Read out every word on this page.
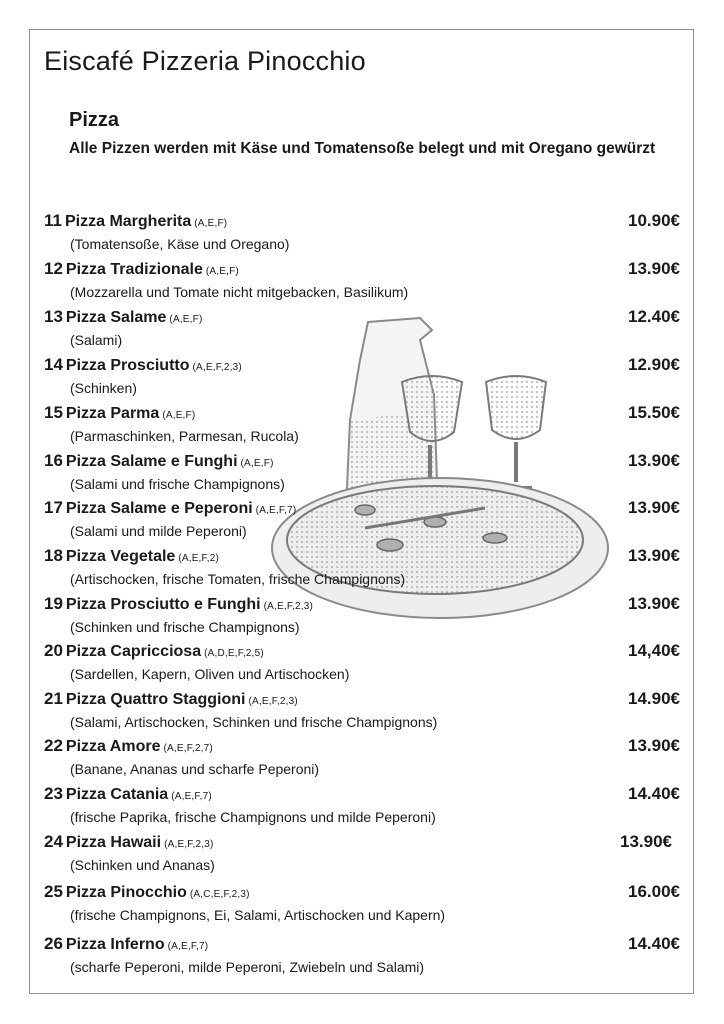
Eiscafé Pizzeria Pinocchio
Pizza

Alle Pizzen werden mit Käse und Tomatensoße belegt und mit Oregano gewürzt

11 Pizza Margherita (A,E,F)	10.90€
(Tomatensoße, Käse und Oregano)
12 Pizza Tradizionale (A,E,F)	13.90€
(Mozzarella und Tomate nicht mitgebacken, Basilikum)
13 Pizza Salame (A,E,F)	12.40€
(Salami)
14 Pizza Prosciutto (A,E,F,2,3)	12.90€
(Schinken)
15 Pizza Parma (A,E,F)	15.50€
(Parmaschinken, Parmesan, Rucola)
16 Pizza Salame e Funghi (A,E,F)	13.90€
(Salami und frische Champignons)
17 Pizza Salame e Peperoni (A,E,F,7)	13.90€
(Salami und milde Peperoni)
18 Pizza Vegetale (A,E,F,2)	13.90€
(Artischocken, frische Tomaten, frische Champignons)
19 Pizza Prosciutto e Funghi (A,E,F,2,3)	13.90€
(Schinken und frische Champignons)
20 Pizza Capricciosa (A,D,E,F,2,5)	14,40€
(Sardellen, Kapern, Oliven und Artischocken)
21 Pizza Quattro Staggioni (A,E,F,2,3)	14.90€
(Salami, Artischocken, Schinken und frische Champignons)
22 Pizza Amore (A,E,F,2,7)	13.90€
(Banane, Ananas und scharfe Peperoni)
23 Pizza Catania (A,E,F,7)	14.40€
(frische Paprika, frische Champignons und milde Peperoni)
24 Pizza Hawaii (A,E,F,2,3)	13.90€
(Schinken und Ananas)
25 Pizza Pinocchio (A,C,E,F,2,3)	16.00€
(frische Champignons, Ei, Salami, Artischocken und Kapern)
26 Pizza Inferno (A,E,F,7)	14.40€
(scharfe Peperoni, milde Peperoni, Zwiebeln und Salami)
